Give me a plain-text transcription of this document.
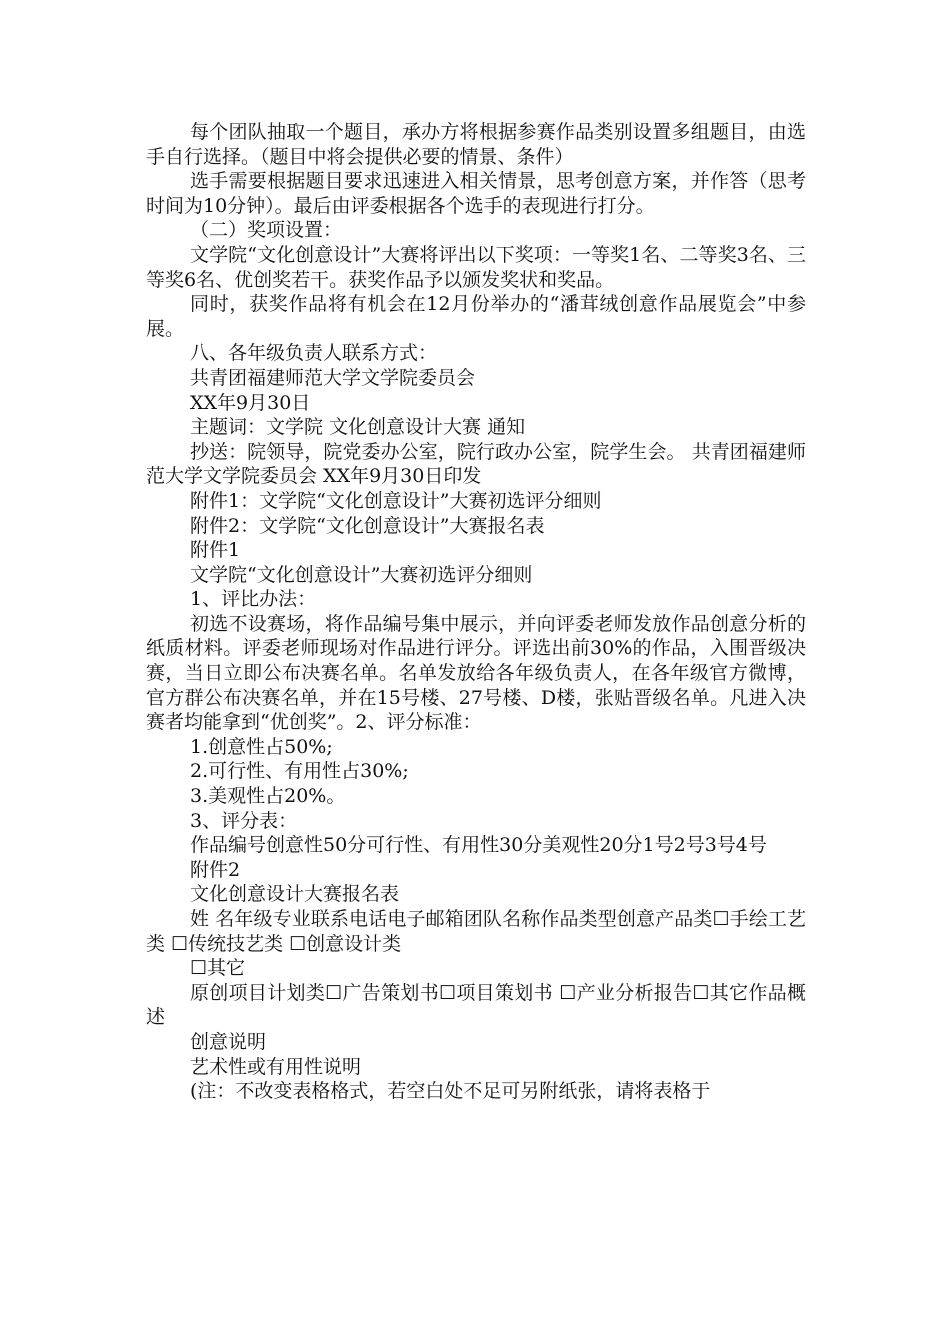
每个团队抽取一个题目，承办方将根据参赛作品类别设置多组题目，由选手自行选择。（题目中将会提供必要的情景、条件）

选手需要根据题目要求迅速进入相关情景，思考创意方案，并作答（思考时间为10分钟）。最后由评委根据各个选手的表现进行打分。

（二）奖项设置：

文学院“文化创意设计”大赛将评出以下奖项：一等奖1名、二等奖3名、三等奖6名、优创奖若干。获奖作品予以颁发奖状和奖品。

同时，获奖作品将有机会在12月份举办的“潘茸绒创意作品展览会”中参展。

八、各年级负责人联系方式：

共青团福建师范大学文学院委员会

XX年9月30日

主题词：文学院 文化创意设计大赛 通知

抄送：院领导，院党委办公室，院行政办公室，院学生会。 共青团福建师范大学文学院委员会 XX年9月30日印发

附件1：文学院“文化创意设计”大赛初选评分细则

附件2：文学院“文化创意设计”大赛报名表

附件1

文学院“文化创意设计”大赛初选评分细则

1、评比办法：

初选不设赛场，将作品编号集中展示，并向评委老师发放作品创意分析的纸质材料。评委老师现场对作品进行评分。评选出前30%的作品，入围晋级决赛，当日立即公布决赛名单。名单发放给各年级负责人，在各年级官方微博，官方群公布决赛名单，并在15号楼、27号楼、D楼，张贴晋级名单。凡进入决赛者均能拿到“优创奖”。2、评分标准：

1.创意性占50%;

2.可行性、有用性占30%;

3.美观性占20%。

3、评分表：

作品编号创意性50分可行性、有用性30分美观性20分1号2号3号4号

附件2

文化创意设计大赛报名表

姓 名年级专业联系电话电子邮箱团队名称作品类型创意产品类☐手绘工艺类 ☐传统技艺类 ☐创意设计类

☐其它

原创项目计划类☐广告策划书☐项目策划书 ☐产业分析报告☐其它作品概述

创意说明

艺术性或有用性说明

(注：不改变表格格式，若空白处不足可另附纸张，请将表格于
